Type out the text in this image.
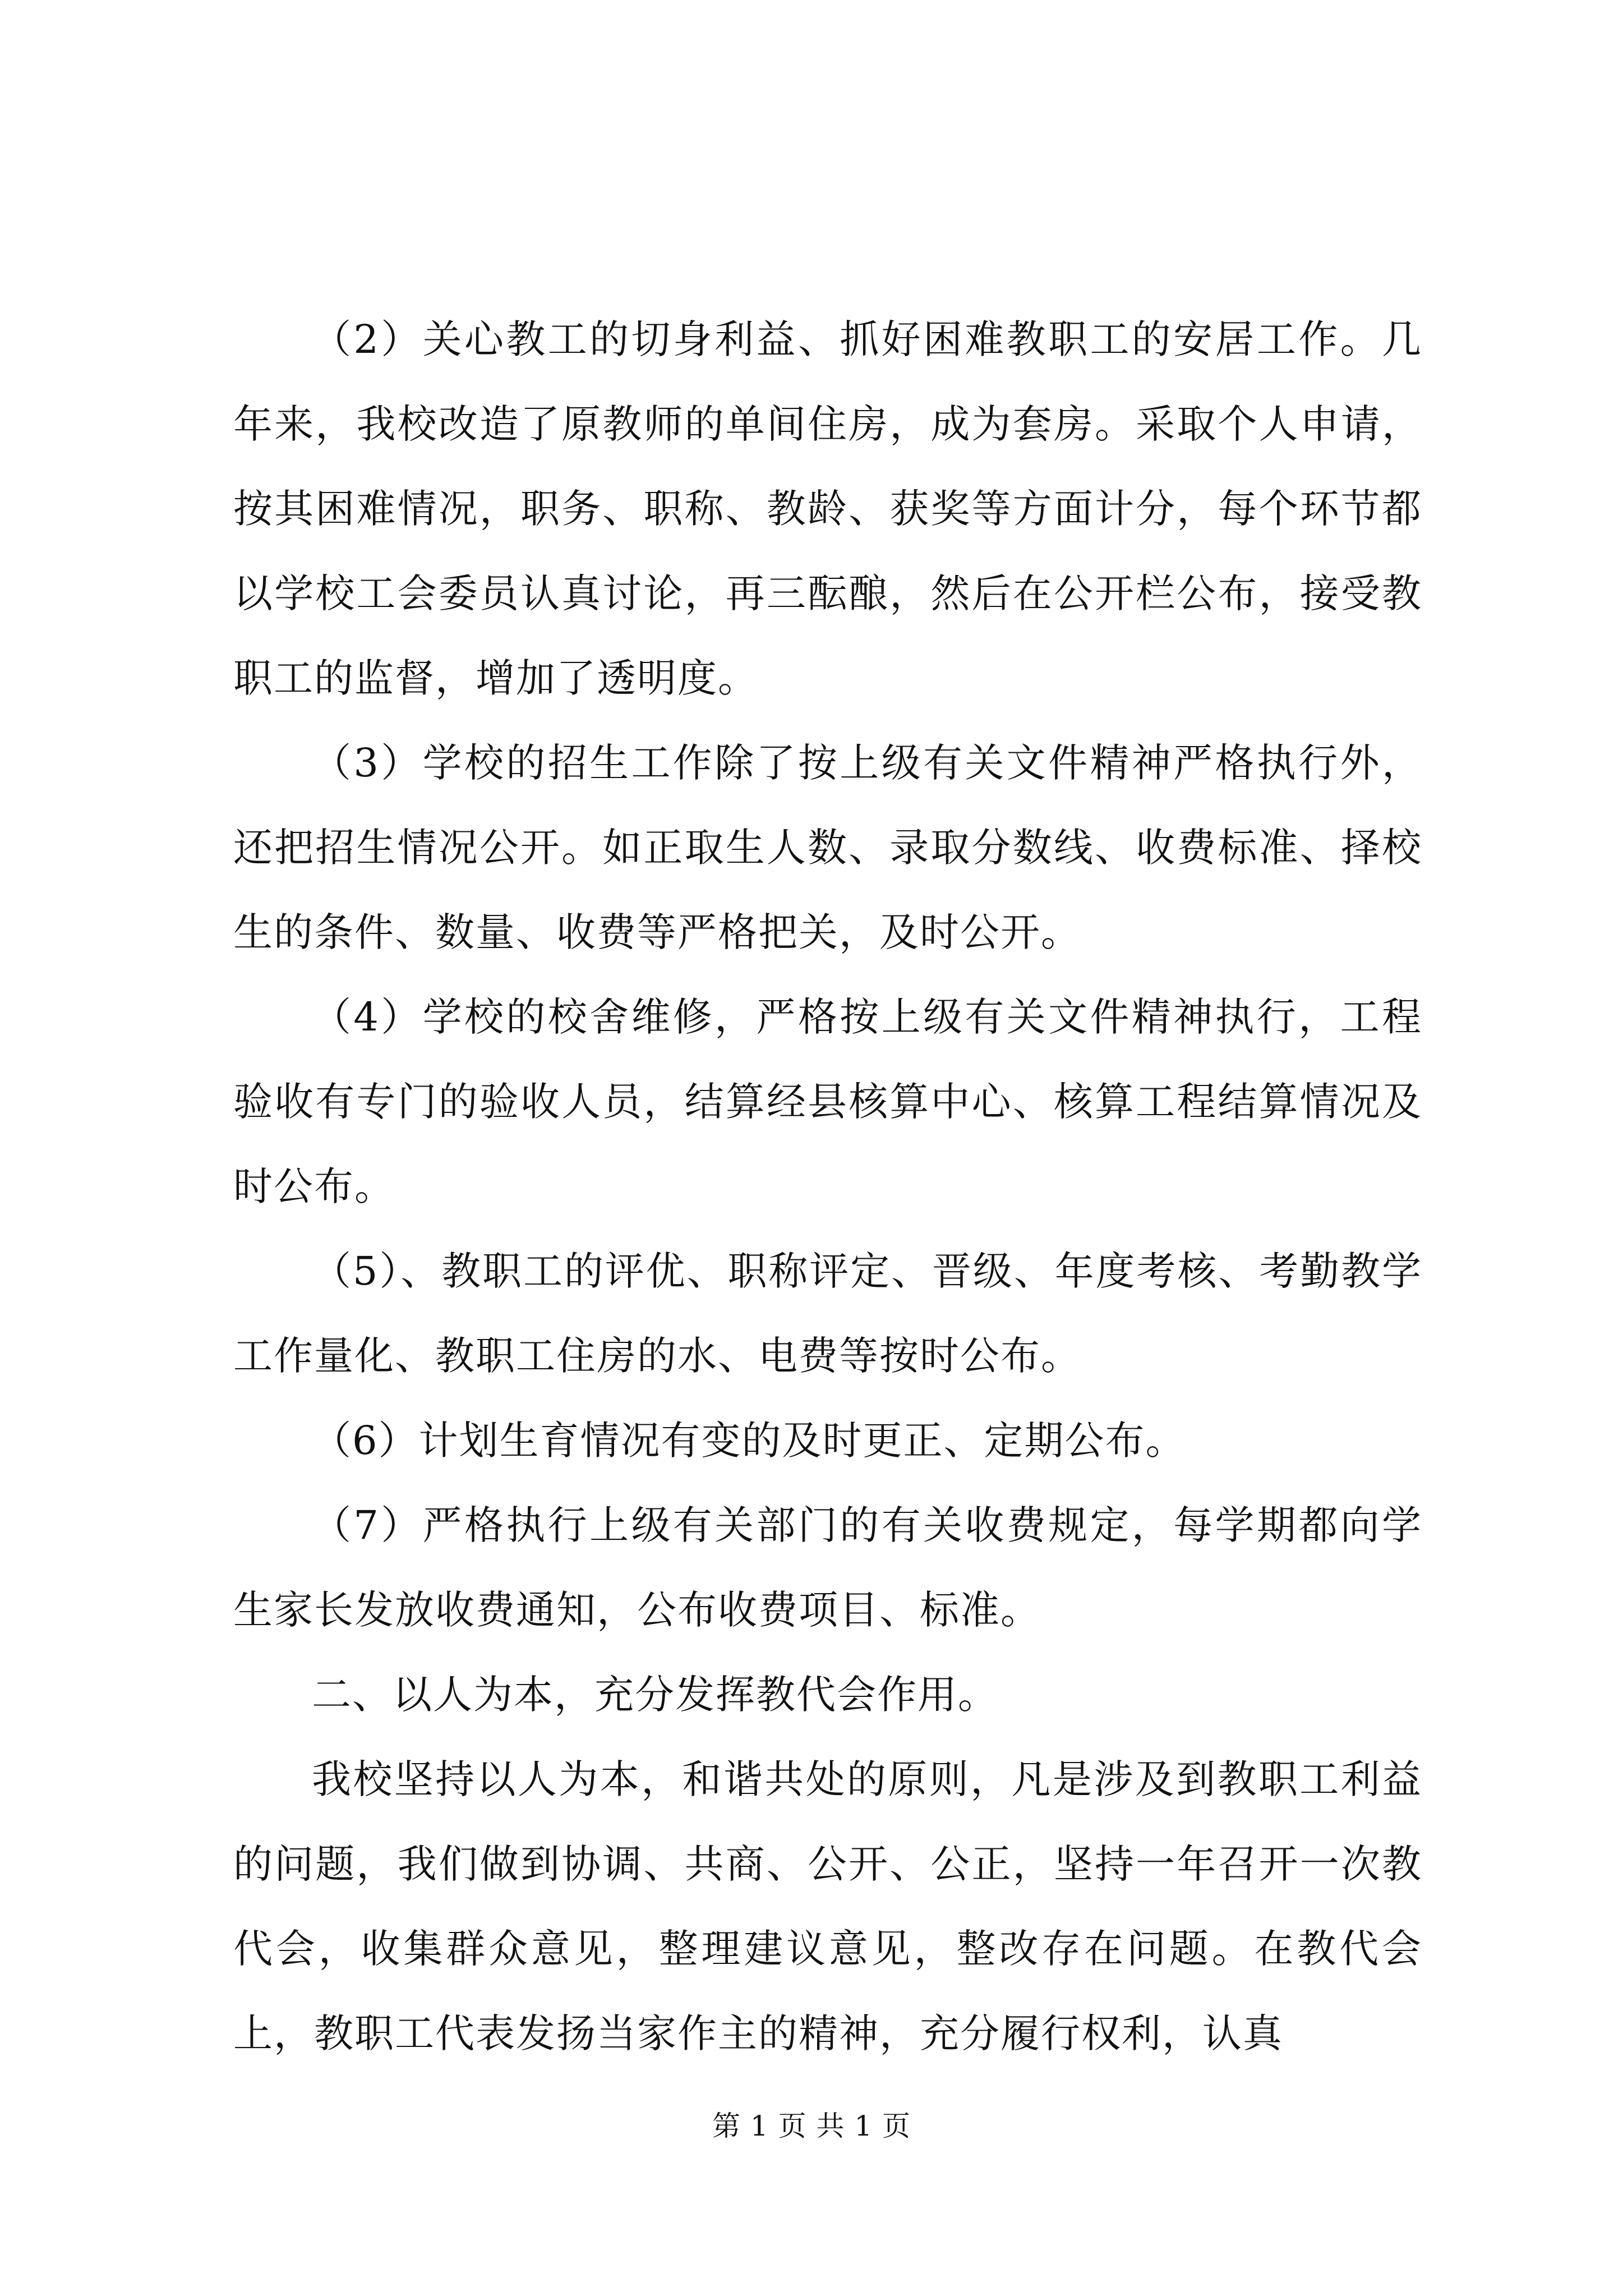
（2）关心教工的切身利益、抓好困难教职工的安居工作。几年来，我校改造了原教师的单间住房，成为套房。采取个人申请，按其困难情况，职务、职称、教龄、获奖等方面计分，每个环节都以学校工会委员认真讨论，再三酝酿，然后在公开栏公布，接受教职工的监督，增加了透明度。

（3）学校的招生工作除了按上级有关文件精神严格执行外，还把招生情况公开。如正取生人数、录取分数线、收费标准、择校生的条件、数量、收费等严格把关，及时公开。

（4）学校的校舍维修，严格按上级有关文件精神执行，工程验收有专门的验收人员，结算经县核算中心、核算工程结算情况及时公布。

（5）、教职工的评优、职称评定、晋级、年度考核、考勤教学工作量化、教职工住房的水、电费等按时公布。

（6）计划生育情况有变的及时更正、定期公布。

（7）严格执行上级有关部门的有关收费规定，每学期都向学生家长发放收费通知，公布收费项目、标准。

二、以人为本，充分发挥教代会作用。

我校坚持以人为本，和谐共处的原则，凡是涉及到教职工利益的问题，我们做到协调、共商、公开、公正，坚持一年召开一次教代会，收集群众意见，整理建议意见，整改存在问题。在教代会上，教职工代表发扬当家作主的精神，充分履行权利，认真

第 1 页 共 1 页
